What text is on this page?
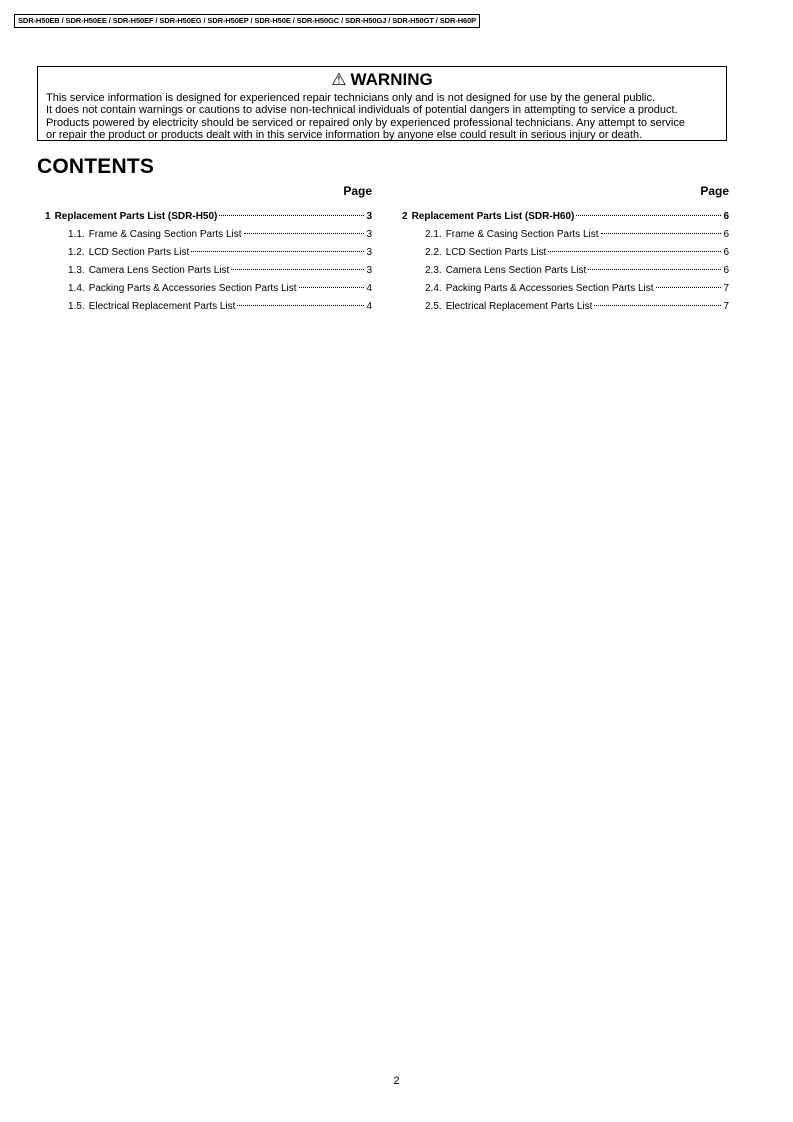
SDR-H50EB / SDR-H50EE / SDR-H50EF / SDR-H50EG / SDR-H50EP / SDR-H50E / SDR-H50GC / SDR-H50GJ / SDR-H50GT / SDR-H60P
⚠ WARNING
This service information is designed for experienced repair technicians only and is not designed for use by the general public.
It does not contain warnings or cautions to advise non-technical individuals of potential dangers in attempting to service a product.
Products powered by electricity should be serviced or repaired only by experienced professional technicians. Any attempt to service
or repair the product or products dealt with in this service information by anyone else could result in serious injury or death.
CONTENTS
Page
1 Replacement Parts List (SDR-H50)	3
1.1. Frame & Casing Section Parts List	3
1.2. LCD Section Parts List	3
1.3. Camera Lens Section Parts List	3
1.4. Packing Parts & Accessories Section Parts List	4
1.5. Electrical Replacement Parts List	4
Page
2 Replacement Parts List (SDR-H60)	6
2.1. Frame & Casing Section Parts List	6
2.2. LCD Section Parts List	6
2.3. Camera Lens Section Parts List	6
2.4. Packing Parts & Accessories Section Parts List	7
2.5. Electrical Replacement Parts List	7
2
